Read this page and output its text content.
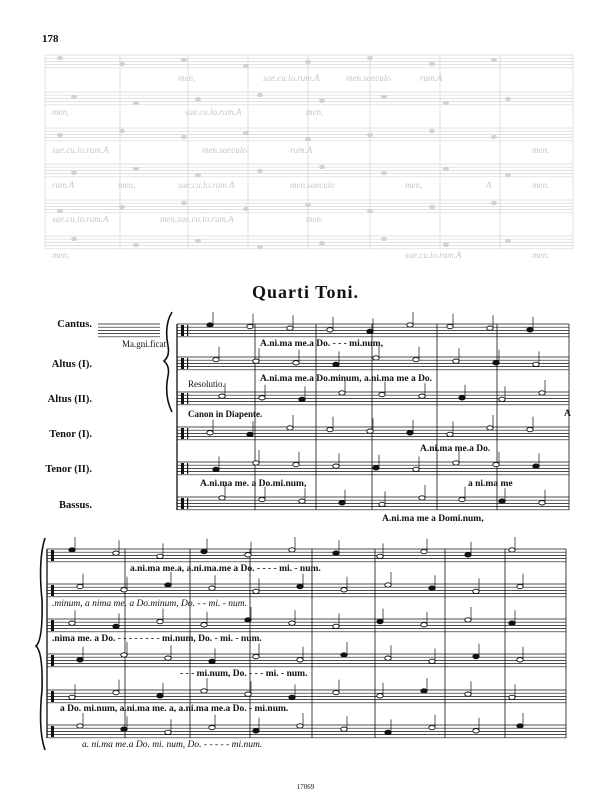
178
Quarti Toni.
17069
men,	sae.cu.lo.rum.A	men.saeculo	rum.A
men,	sae.cu.lo.rum.A	men,
sae.cu.lo.rum.A	men.saeculo	rum.A	men.
rum.A	men,	sae.cu.lo.rum.A	men.saeculo	men,	A	men.
sae.cu.lo.rum.A	men.sae.cu.lo.rum.A	men.
men,	sae.cu.lo.rum.A	men.
Cantus.
Altus (I).
Altus (II).
Tenor (I).
Tenor (II).
Bassus.
Ma.gni.ficat
Resolutio.
Canon in Diapente.
A.ni.ma me.a Do. - - - mi.num,
A.ni.ma me.a Do.minum, a.ni.ma me a Do.
A
A.ni.ma me.a Do.
A.ni.ma me. a Do.mi.num,	a ni.ma me
A.ni.ma me a Domi.num,
a.ni.ma me.a, a.ni.ma.me a Do. - - - - mi. - num.
.minum, a nima me. a Do.minum, Do. - - mi. - num.
.nima me. a Do. - - - - - - - - mi.num, Do. - mi. - num.
- - - mi.num, Do. - - - mi. - num.
a Do. mi.num, a.ni.ma me. a, a.ni.ma me.a Do. - mi.num.
a. ni.ma me.a Do. mi. num, Do. - - - - - mi.num.
